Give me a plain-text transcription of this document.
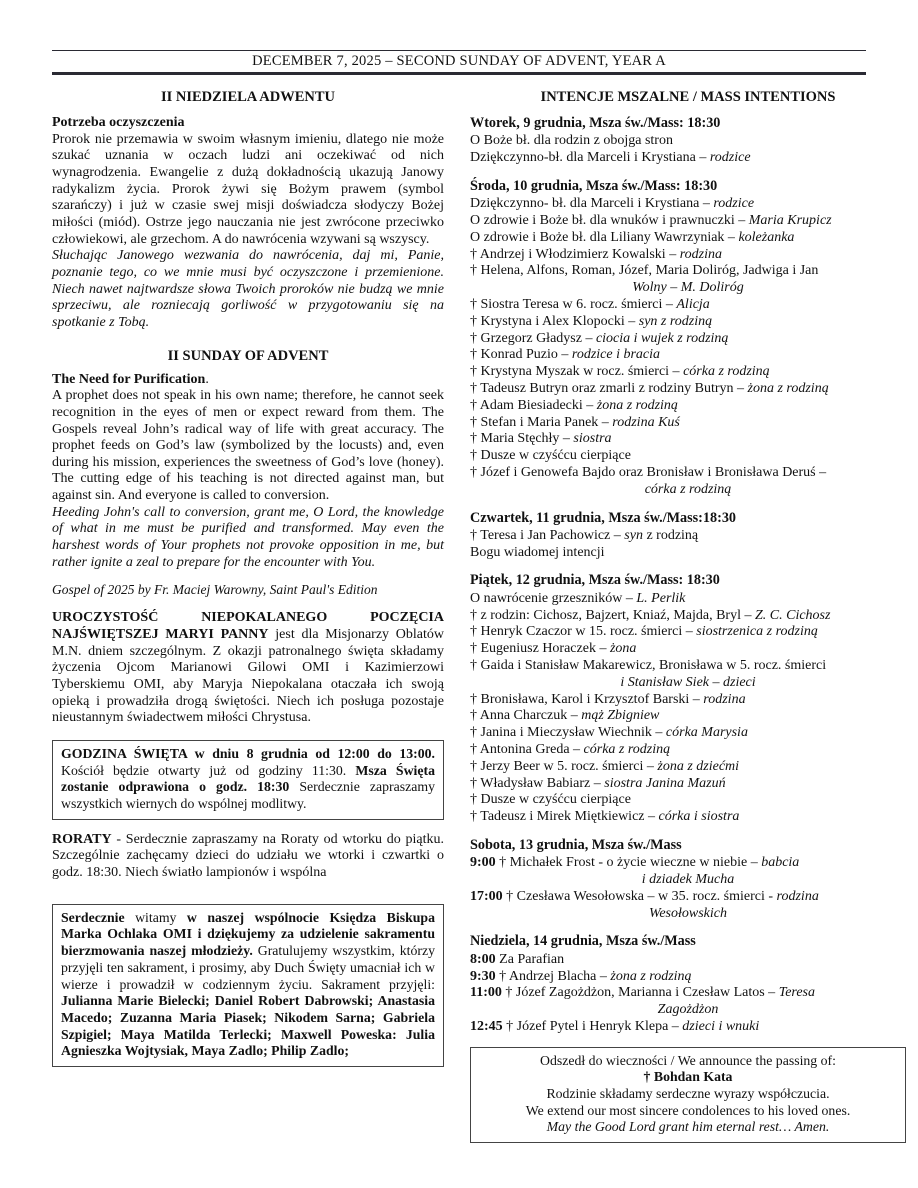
DECEMBER 7, 2025 – SECOND SUNDAY OF ADVENT, YEAR A
II NIEDZIELA ADWENTU

Potrzeba oczyszczenia

Prorok nie przemawia w swoim własnym imieniu, dlatego nie może szukać uznania w oczach ludzi ani oczekiwać od nich wynagrodzenia. Ewangelie z dużą dokładnością ukazują Janowy radykalizm życia. Prorok żywi się Bożym prawem (symbol szarańczy) i już w czasie swej misji doświadcza słodyczy Bożej miłości (miód). Ostrze jego nauczania nie jest zwrócone przeciwko człowiekowi, ale grzechom. A do nawrócenia wzywani są wszyscy.

Słuchając Janowego wezwania do nawrócenia, daj mi, Panie, poznanie tego, co we mnie musi być oczyszczone i przemienione. Niech nawet najtwardsze słowa Twoich proroków nie budzą we mnie sprzeciwu, ale rozniecają gorliwość w przygotowaniu się na spotkanie z Tobą.

II SUNDAY OF ADVENT

The Need for Purification.

A prophet does not speak in his own name; therefore, he cannot seek recognition in the eyes of men or expect reward from them. The Gospels reveal John’s radical way of life with great accuracy. The prophet feeds on God’s law (symbolized by the locusts) and, even during his mission, experiences the sweetness of God’s love (honey). The cutting edge of his teaching is not directed against man, but against sin. And everyone is called to conversion.

Heeding John's call to conversion, grant me, O Lord, the knowledge of what in me must be purified and transformed. May even the harshest words of Your prophets not provoke opposition in me, but rather ignite a zeal to prepare for the encounter with You.

Gospel of 2025 by Fr. Maciej Warowny, Saint Paul's Edition

UROCZYSTOŚĆ NIEPOKALANEGO POCZĘCIA NAJŚWIĘTSZEJ MARYI PANNY jest dla Misjonarzy Oblatów M.N. dniem szczególnym. Z okazji patronalnego święta składamy życzenia Ojcom Marianowi Gilowi OMI i Kazimierzowi Tyberskiemu OMI, aby Maryja Niepokalana otaczała ich swoją opieką i prowadziła drogą świętości. Niech ich posługa pozostaje nieustannym świadectwem miłości Chrystusa.

GODZINA ŚWIĘTA w dniu 8 grudnia od 12:00 do 13:00. Kościół będzie otwarty już od godziny 11:30. Msza Święta zostanie odprawiona o godz. 18:30 Serdecznie zapraszamy wszystkich wiernych do wspólnej modlitwy.

RORATY - Serdecznie zapraszamy na Roraty od wtorku do piątku. Szczególnie zachęcamy dzieci do udziału we wtorki i czwartki o godz. 18:30. Niech światło lampionów i wspólna

Serdecznie witamy w naszej wspólnocie Księdza Biskupa Marka Ochlaka OMI i dziękujemy za udzielenie sakramentu bierzmowania naszej młodzieży. Gratulujemy wszystkim, którzy przyjęli ten sakrament, i prosimy, aby Duch Święty umacniał ich w wierze i prowadził w codziennym życiu. Sakrament przyjęli: Julianna Marie Bielecki; Daniel Robert Dabrowski; Anastasia Macedo; Zuzanna Maria Piasek; Nikodem Sarna; Gabriela Szpigiel; Maya Matilda Terlecki; Maxwell Poweska: Julia Agnieszka Wojtysiak, Maya Zadlo; Philip Zadlo;

INTENCJE MSZALNE / MASS INTENTIONS
Wtorek, 9 grudnia, Msza św./Mass: 18:30

O Boże bł. dla rodzin z obojga stron

Dziękczynno-bł. dla Marceli i Krystiana – rodzice

Środa, 10 grudnia, Msza św./Mass: 18:30

Dziękczynno- bł. dla Marceli i Krystiana – rodzice

O zdrowie i Boże bł. dla wnuków i prawnuczki – Maria Krupicz

O zdrowie i Boże bł. dla Liliany Wawrzyniak – koleżanka

† Andrzej i Włodzimierz Kowalski – rodzina

† Helena, Alfons, Roman, Józef, Maria Doliróg, Jadwiga i Jan

Wolny – M. Doliróg

† Siostra Teresa w 6. rocz. śmierci – Alicja

† Krystyna i Alex Klopocki – syn z rodziną

† Grzegorz Gładysz – ciocia i wujek z rodziną

† Konrad Puzio – rodzice i bracia

† Krystyna Myszak w rocz. śmierci – córka z rodziną

† Tadeusz Butryn oraz zmarli z rodziny Butryn – żona z rodziną

† Adam Biesiadecki – żona z rodziną

† Stefan i Maria Panek – rodzina Kuś

† Maria Stęchły – siostra

† Dusze w czyśćcu cierpiące

† Józef i Genowefa Bajdo oraz Bronisław i Bronisława Deruś –

córka z rodziną

Czwartek, 11 grudnia, Msza św./Mass:18:30

† Teresa i Jan Pachowicz – syn z rodziną

Bogu wiadomej intencji

Piątek, 12 grudnia, Msza św./Mass: 18:30

O nawrócenie grzeszników – L. Perlik

† z rodzin: Cichosz, Bajzert, Kniaź, Majda, Bryl – Z. C. Cichosz

† Henryk Czaczor w 15. rocz. śmierci – siostrzenica z rodziną

† Eugeniusz Horaczek – żona

† Gaida i Stanisław Makarewicz, Bronisława w 5. rocz. śmierci

i Stanisław Siek – dzieci

† Bronisława, Karol i Krzysztof Barski – rodzina

† Anna Charczuk – mąż Zbigniew

† Janina i Mieczysław Wiechnik – córka Marysia

† Antonina Greda – córka z rodziną

† Jerzy Beer w 5. rocz. śmierci – żona z dziećmi

† Władysław Babiarz – siostra Janina Mazuń

† Dusze w czyśćcu cierpiące

† Tadeusz i Mirek Miętkiewicz – córka i siostra

Sobota, 13 grudnia, Msza św./Mass

9:00 † Michałek Frost - o życie wieczne w niebie – babcia

i dziadek Mucha

17:00 † Czesława Wesołowska – w 35. rocz. śmierci - rodzina

Wesołowskich

Niedziela, 14 grudnia, Msza św./Mass

8:00 Za Parafian

9:30 † Andrzej Blacha – żona z rodziną

11:00 † Józef Zagożdżon, Marianna i Czesław Latos – Teresa

Zagożdżon

12:45 † Józef Pytel i Henryk Klepa – dzieci i wnuki

Odszedł do wieczności / We announce the passing of:

† Bohdan Kata

Rodzinie składamy serdeczne wyrazy współczucia.

We extend our most sincere condolences to his loved ones.

May the Good Lord grant him eternal rest… Amen.
